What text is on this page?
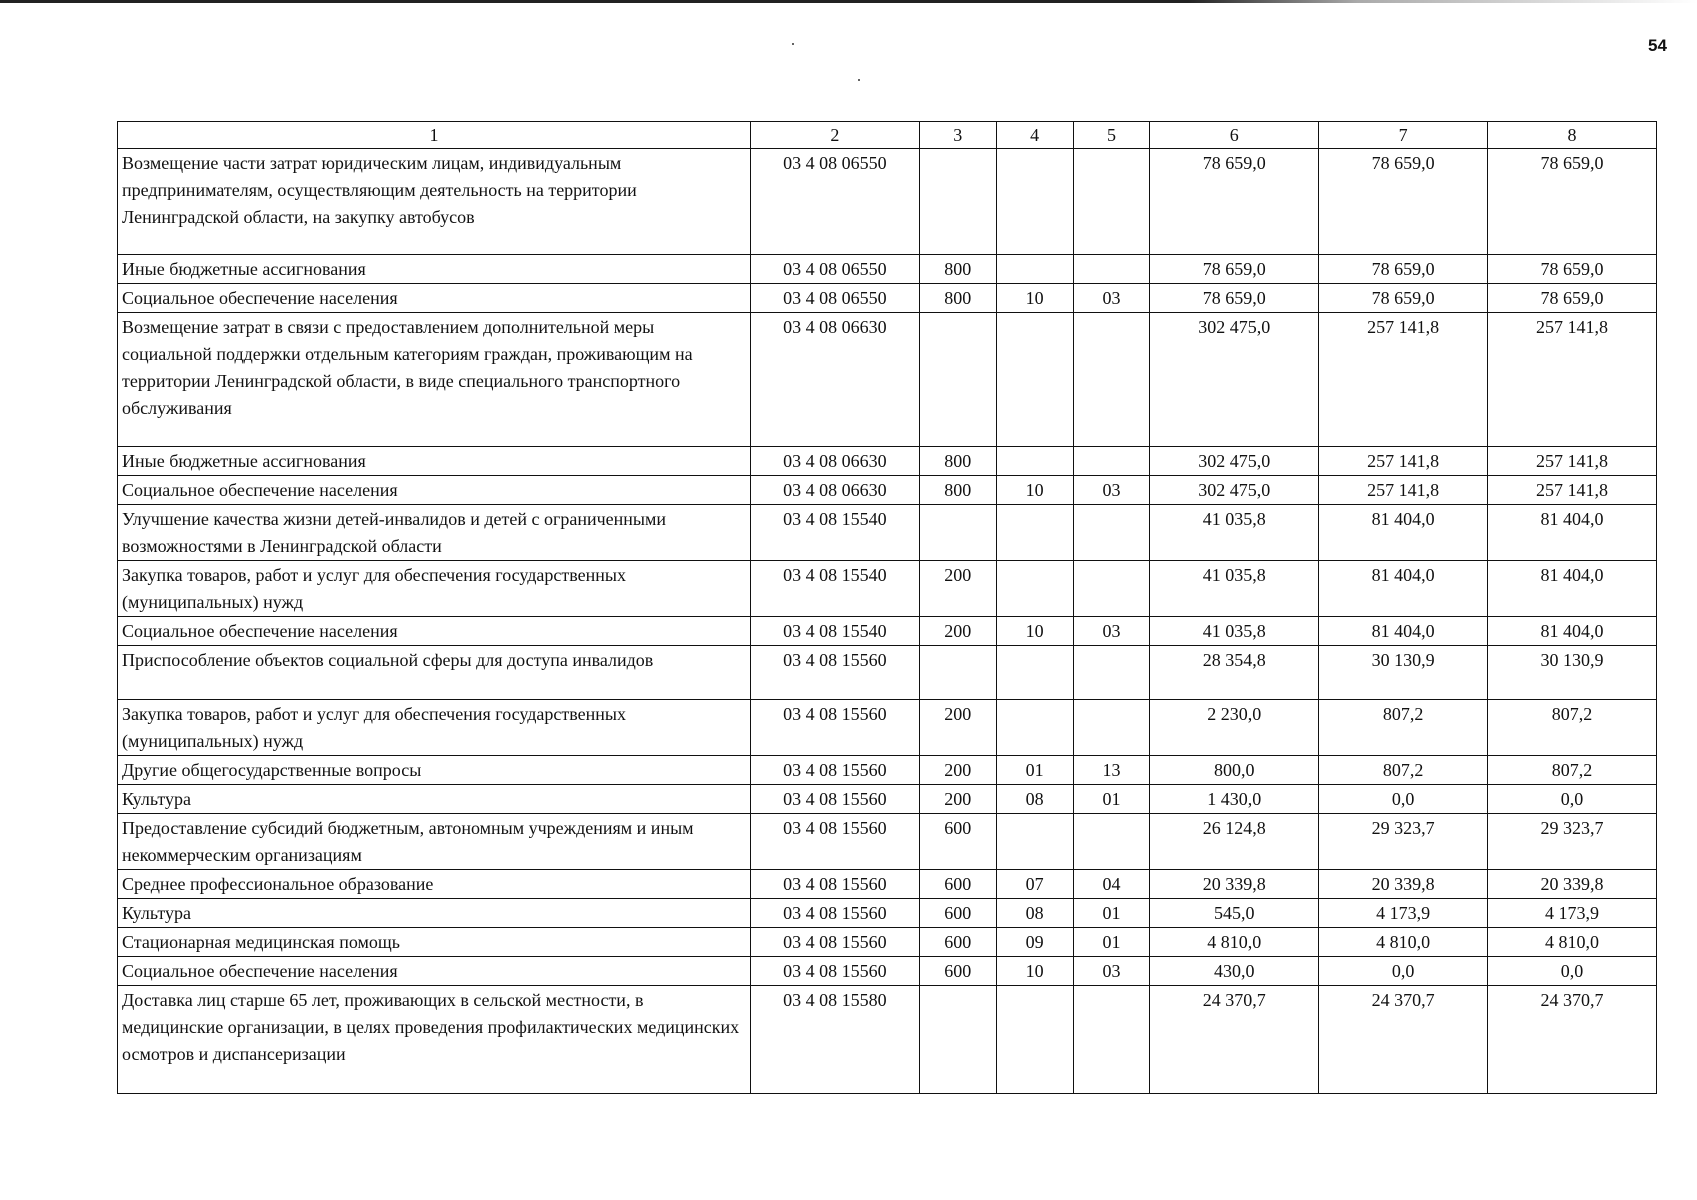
54
1	2	3	4	5	6	7	8
Возмещение части затрат юридическим лицам, индивидуальным предпринимателям, осуществляющим деятельность на территории Ленинградской области, на закупку автобусов	03 4 08 06550				78 659,0	78 659,0	78 659,0
Иные бюджетные ассигнования	03 4 08 06550	800			78 659,0	78 659,0	78 659,0
Социальное обеспечение населения	03 4 08 06550	800	10	03	78 659,0	78 659,0	78 659,0
Возмещение затрат в связи с предоставлением дополнительной меры социальной поддержки отдельным категориям граждан, проживающим на территории Ленинградской области, в виде специального транспортного обслуживания	03 4 08 06630				302 475,0	257 141,8	257 141,8
Иные бюджетные ассигнования	03 4 08 06630	800			302 475,0	257 141,8	257 141,8
Социальное обеспечение населения	03 4 08 06630	800	10	03	302 475,0	257 141,8	257 141,8
Улучшение качества жизни детей-инвалидов и детей с ограниченными возможностями в Ленинградской области	03 4 08 15540				41 035,8	81 404,0	81 404,0
Закупка товаров, работ и услуг для обеспечения государственных (муниципальных) нужд	03 4 08 15540	200			41 035,8	81 404,0	81 404,0
Социальное обеспечение населения	03 4 08 15540	200	10	03	41 035,8	81 404,0	81 404,0
Приспособление объектов социальной сферы для доступа инвалидов	03 4 08 15560				28 354,8	30 130,9	30 130,9
Закупка товаров, работ и услуг для обеспечения государственных (муниципальных) нужд	03 4 08 15560	200			2 230,0	807,2	807,2
Другие общегосударственные вопросы	03 4 08 15560	200	01	13	800,0	807,2	807,2
Культура	03 4 08 15560	200	08	01	1 430,0	0,0	0,0
Предоставление субсидий бюджетным, автономным учреждениям и иным некоммерческим организациям	03 4 08 15560	600			26 124,8	29 323,7	29 323,7
Среднее профессиональное образование	03 4 08 15560	600	07	04	20 339,8	20 339,8	20 339,8
Культура	03 4 08 15560	600	08	01	545,0	4 173,9	4 173,9
Стационарная медицинская помощь	03 4 08 15560	600	09	01	4 810,0	4 810,0	4 810,0
Социальное обеспечение населения	03 4 08 15560	600	10	03	430,0	0,0	0,0
Доставка лиц старше 65 лет, проживающих в сельской местности, в медицинские организации, в целях проведения профилактических медицинских осмотров и диспансеризации	03 4 08 15580				24 370,7	24 370,7	24 370,7
